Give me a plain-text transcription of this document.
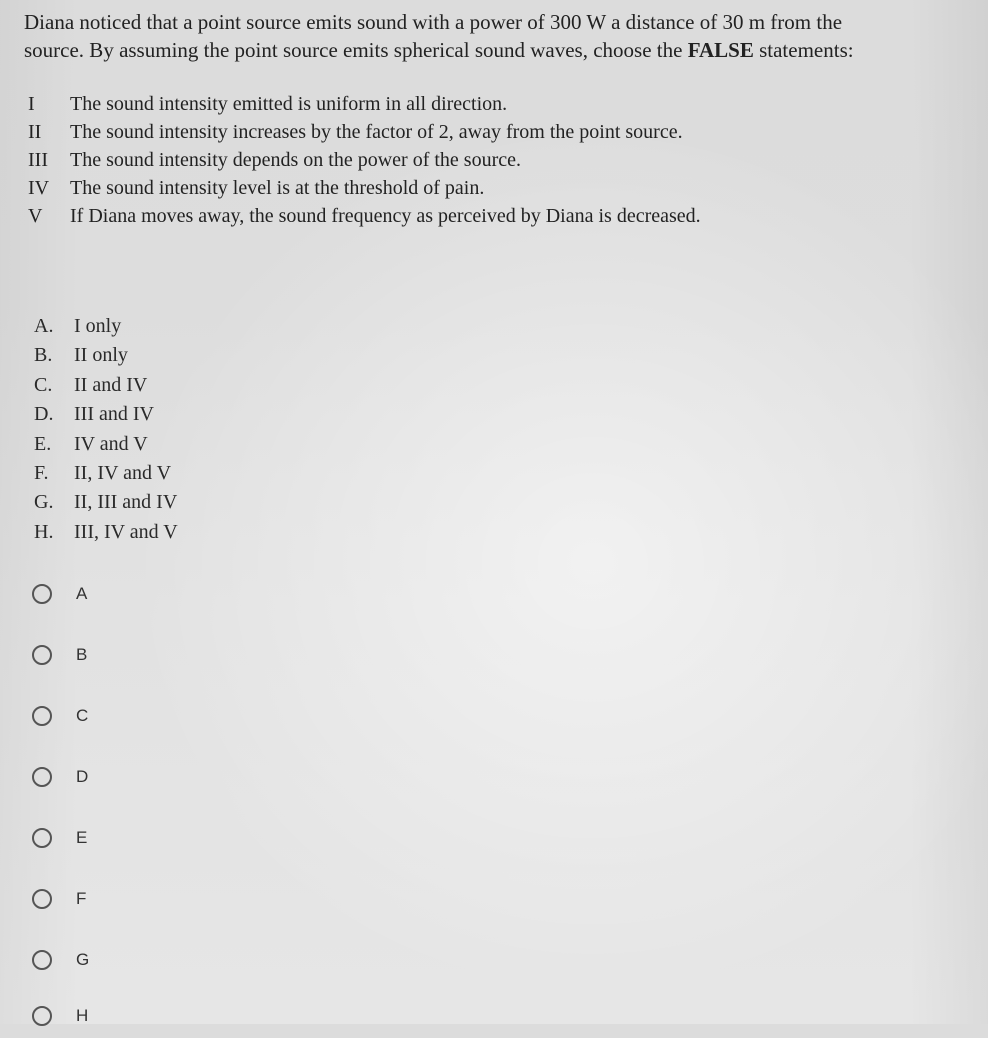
Diana noticed that a point source emits sound with a power of 300 W a distance of 30 m from the
source. By assuming the point source emits spherical sound waves, choose the FALSE statements:
I	The sound intensity emitted is uniform in all direction.
II	The sound intensity increases by the factor of 2, away from the point source.
III	The sound intensity depends on the power of the source.
IV	The sound intensity level is at the threshold of pain.
V	If Diana moves away, the sound frequency as perceived by Diana is decreased.
A.	I only
B.	II only
C.	II and IV
D.	III and IV
E.	IV and V
F.	II, IV and V
G.	II, III and IV
H.	III, IV and V
A
B
C
D
E
F
G
H
